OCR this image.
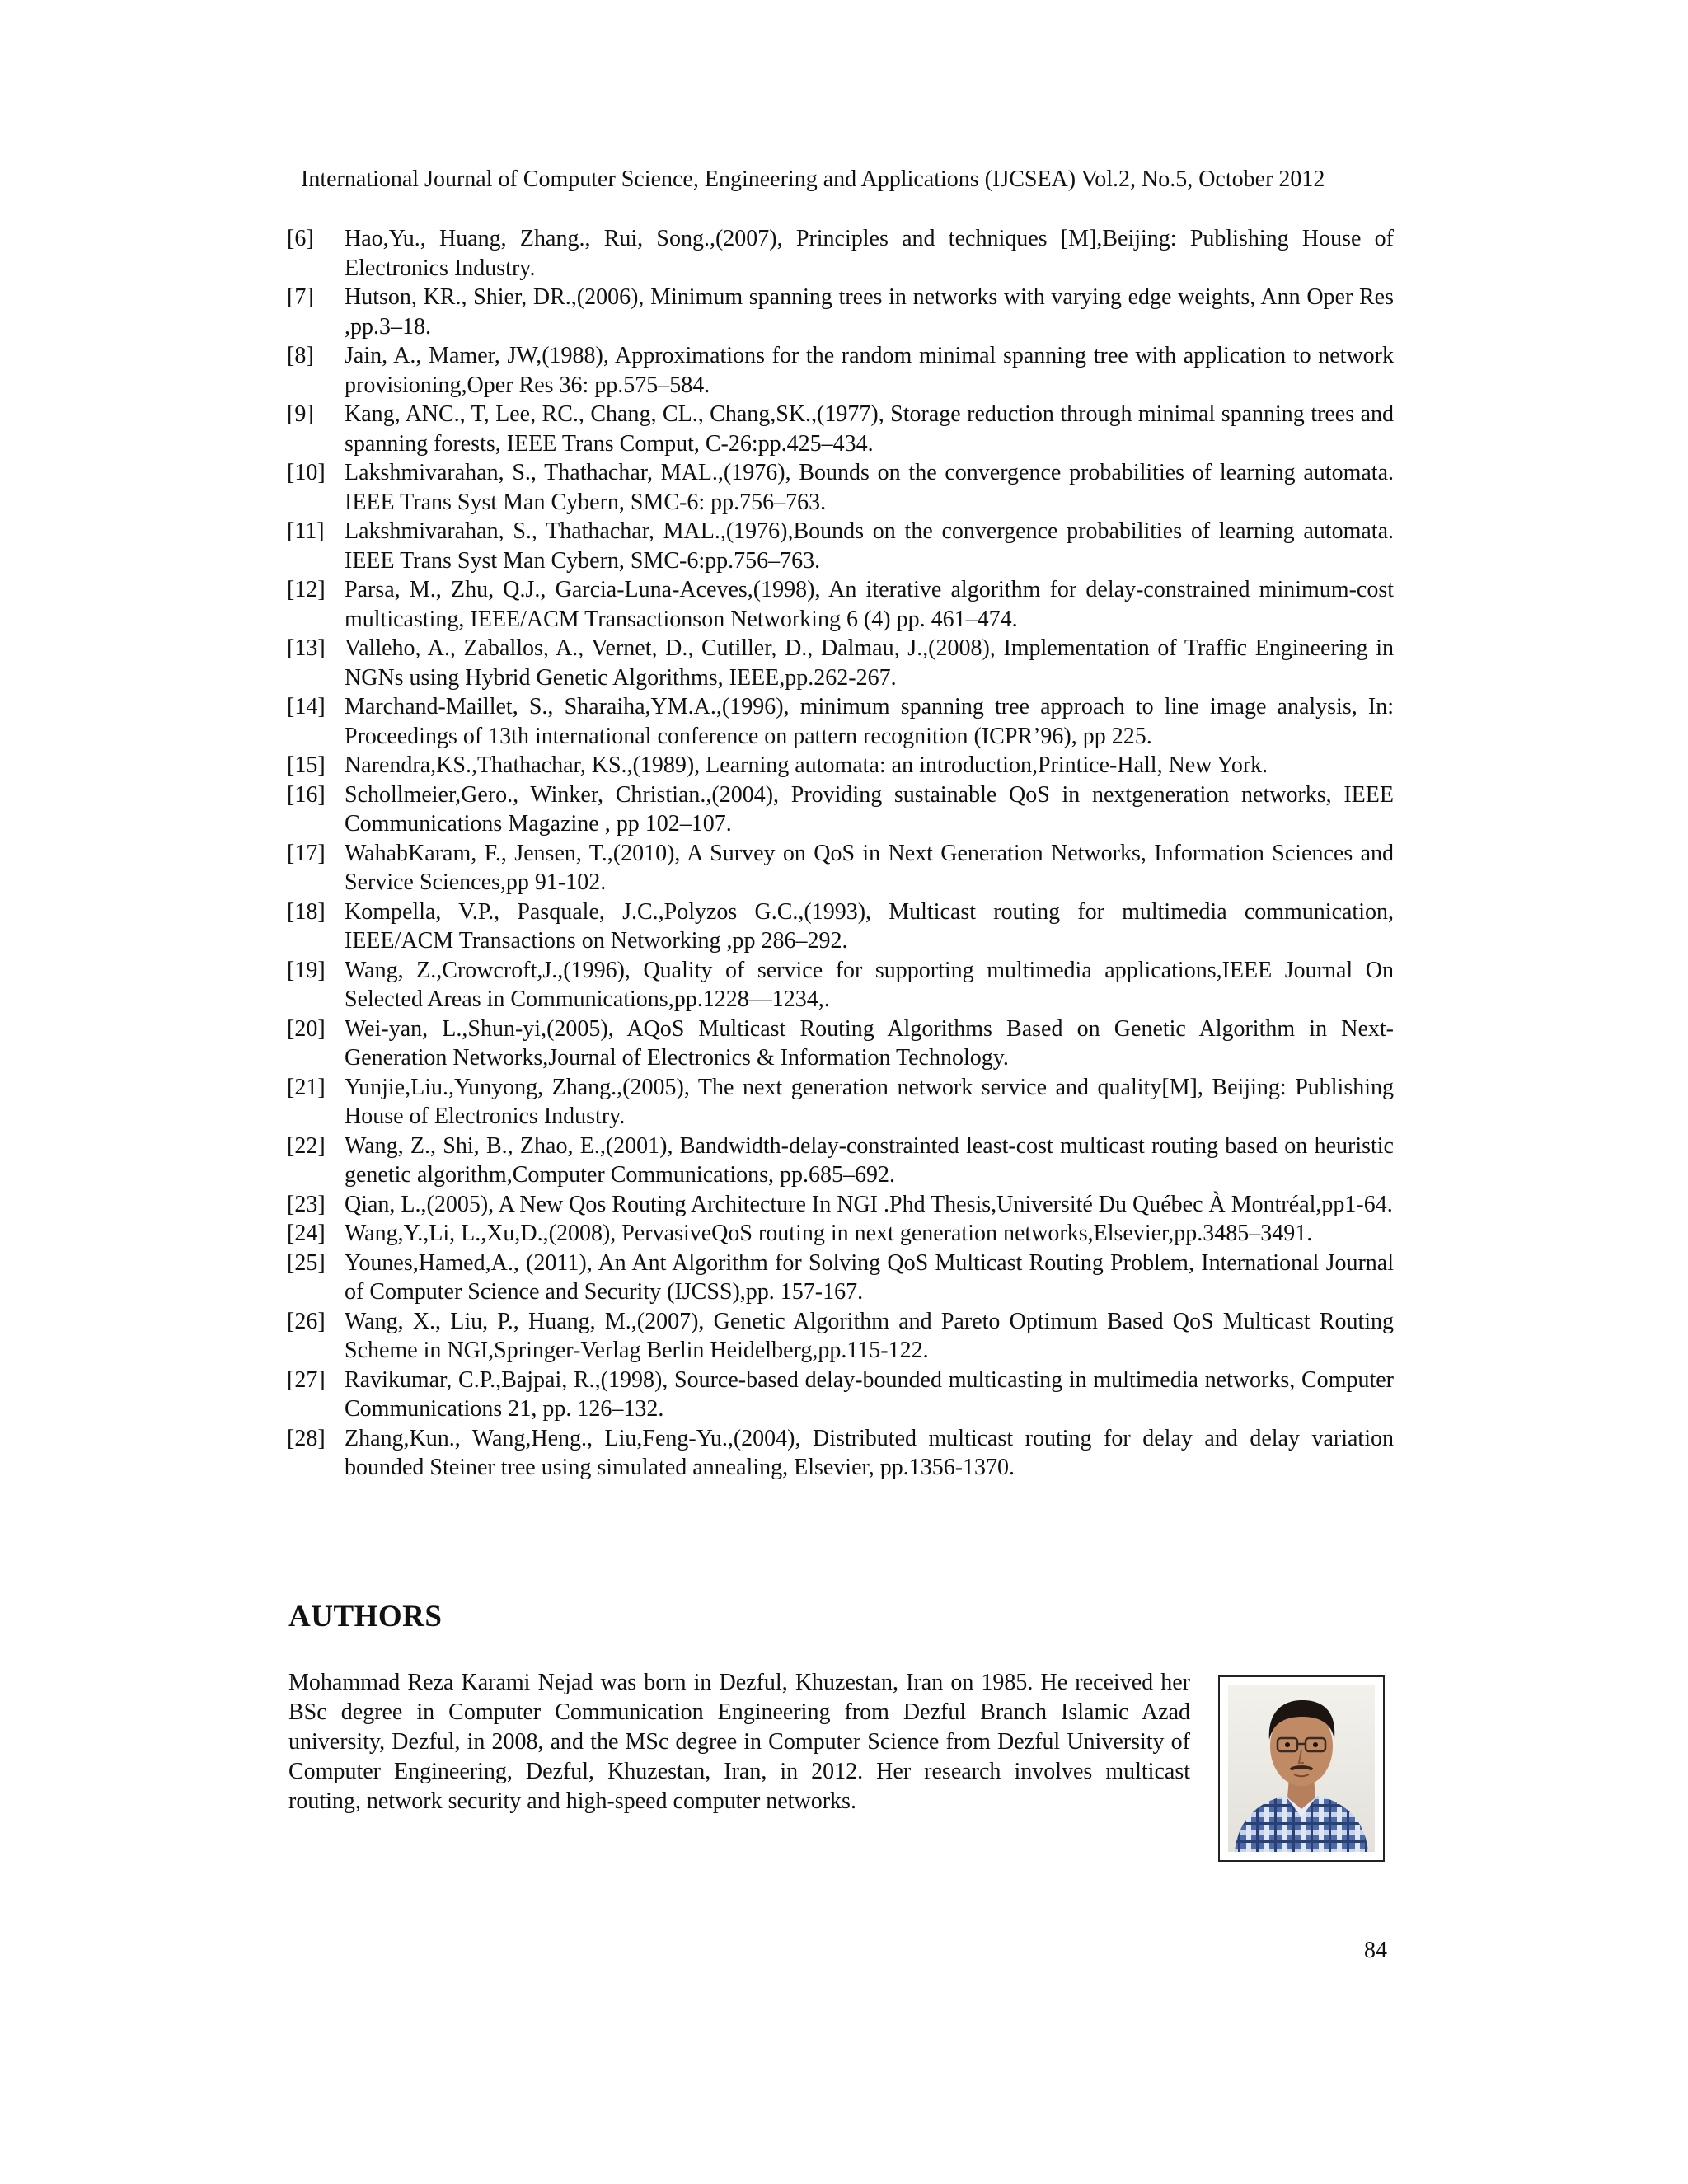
International Journal of Computer Science, Engineering and Applications (IJCSEA) Vol.2, No.5, October 2012
[6] Hao,Yu., Huang, Zhang., Rui, Song.,(2007), Principles and techniques [M],Beijing: Publishing House of Electronics Industry.
[7] Hutson, KR., Shier, DR.,(2006), Minimum spanning trees in networks with varying edge weights, Ann Oper Res ,pp.3–18.
[8] Jain, A., Mamer, JW,(1988), Approximations for the random minimal spanning tree with application to network provisioning,Oper Res 36: pp.575–584.
[9] Kang, ANC., T, Lee, RC., Chang, CL., Chang,SK.,(1977), Storage reduction through minimal spanning trees and spanning forests, IEEE Trans Comput, C-26:pp.425–434.
[10] Lakshmivarahan, S., Thathachar, MAL.,(1976), Bounds on the convergence probabilities of learning automata. IEEE Trans Syst Man Cybern, SMC-6: pp.756–763.
[11] Lakshmivarahan, S., Thathachar, MAL.,(1976),Bounds on the convergence probabilities of learning automata. IEEE Trans Syst Man Cybern, SMC-6:pp.756–763.
[12] Parsa, M., Zhu, Q.J., Garcia-Luna-Aceves,(1998), An iterative algorithm for delay-constrained minimum-cost multicasting, IEEE/ACM Transactionson Networking 6 (4) pp. 461–474.
[13] Valleho, A., Zaballos, A., Vernet, D., Cutiller, D., Dalmau, J.,(2008), Implementation of Traffic Engineering in NGNs using Hybrid Genetic Algorithms, IEEE,pp.262-267.
[14] Marchand-Maillet, S., Sharaiha,YM.A.,(1996), minimum spanning tree approach to line image analysis, In: Proceedings of 13th international conference on pattern recognition (ICPR’96), pp 225.
[15] Narendra,KS.,Thathachar, KS.,(1989), Learning automata: an introduction,Printice-Hall, New York.
[16] Schollmeier,Gero., Winker, Christian.,(2004), Providing sustainable QoS in nextgeneration networks, IEEE Communications Magazine , pp 102–107.
[17] WahabKaram, F., Jensen, T.,(2010), A Survey on QoS in Next Generation Networks, Information Sciences and Service Sciences,pp 91-102.
[18] Kompella, V.P., Pasquale, J.C.,Polyzos G.C.,(1993), Multicast routing for multimedia communication, IEEE/ACM Transactions on Networking ,pp 286–292.
[19] Wang, Z.,Crowcroft,J.,(1996), Quality of service for supporting multimedia applications,IEEE Journal On Selected Areas in Communications,pp.1228—1234,.
[20] Wei-yan, L.,Shun-yi,(2005), AQoS Multicast Routing Algorithms Based on Genetic Algorithm in Next-Generation Networks,Journal of Electronics & Information Technology.
[21] Yunjie,Liu.,Yunyong, Zhang.,(2005), The next generation network service and quality[M], Beijing: Publishing House of Electronics Industry.
[22] Wang, Z., Shi, B., Zhao, E.,(2001), Bandwidth-delay-constrainted least-cost multicast routing based on heuristic genetic algorithm,Computer Communications, pp.685–692.
[23] Qian, L.,(2005), A New Qos Routing Architecture In NGI .Phd Thesis,Université Du Québec À Montréal,pp1-64.
[24] Wang,Y.,Li, L.,Xu,D.,(2008), PervasiveQoS routing in next generation networks,Elsevier,pp.3485–3491.
[25] Younes,Hamed,A., (2011), An Ant Algorithm for Solving QoS Multicast Routing Problem, International Journal of Computer Science and Security (IJCSS),pp. 157-167.
[26] Wang, X., Liu, P., Huang, M.,(2007), Genetic Algorithm and Pareto Optimum Based QoS Multicast Routing Scheme in NGI,Springer-Verlag Berlin Heidelberg,pp.115-122.
[27] Ravikumar, C.P.,Bajpai, R.,(1998), Source-based delay-bounded multicasting in multimedia networks, Computer Communications 21, pp. 126–132.
[28] Zhang,Kun., Wang,Heng., Liu,Feng-Yu.,(2004), Distributed multicast routing for delay and delay variation bounded Steiner tree using simulated annealing, Elsevier, pp.1356-1370.
AUTHORS

Mohammad Reza Karami Nejad was born in Dezful, Khuzestan, Iran on 1985. He received her BSc degree in Computer Communication Engineering from Dezful Branch Islamic Azad university, Dezful, in 2008, and the MSc degree in Computer Science from Dezful University of Computer Engineering, Dezful, Khuzestan, Iran, in 2012. Her research involves multicast routing, network security and high-speed computer networks.

84
